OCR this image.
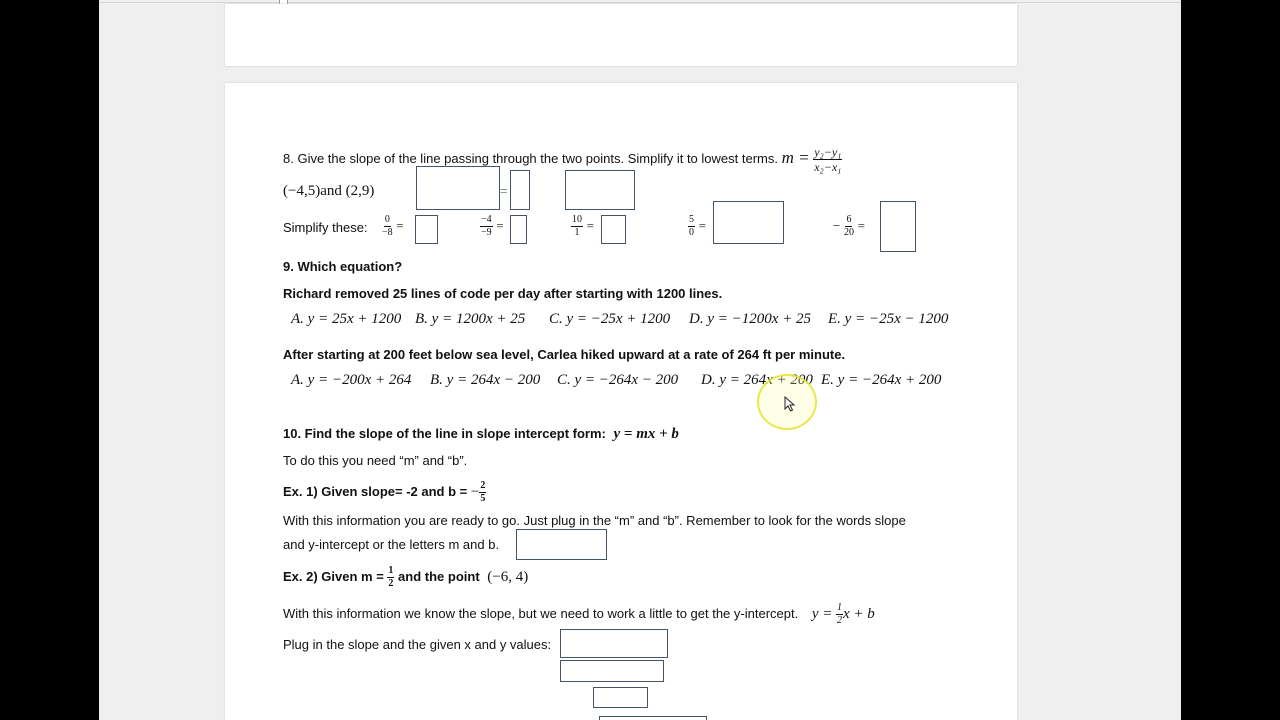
8. Give the slope of the line passing through the two points. Simplify it to lowest terms. $m = \frac{\text{y₂−y₁}}{\text{x₂−x₁}}$
(−4,5)and (2,9)	=
Simplify these: $\frac{0}{-8}$ =	$\frac{-4}{-9}$ =	$\frac{10}{1}$ =	$\frac{5}{0}$ =	− $\frac{6}{20}$ =
9. Which equation?
Richard removed 25 lines of code per day after starting with 1200 lines.
A. y = 25x + 1200 B. y = 1200x + 25 C. y = −25x + 1200 D. y = −1200x + 25 E. y = −25x − 1200
After starting at 200 feet below sea level, Carlea hiked upward at a rate of 264 ft per minute.
A. y = −200x + 264 B. y = 264x − 200 C. y = −264x − 200 D. y = 264x + 200 E. y = −264x + 200
10. Find the slope of the line in slope intercept form: y = mx + b
To do this you need “m” and “b”.
Ex. 1) Given slope= -2 and b = − $\frac{2}{5}$
With this information you are ready to go. Just plug in the “m” and “b”. Remember to look for the words slope
and y-intercept or the letters m and b.
Ex. 2) Given $m = \frac{1}{2}$ and the point (−6, 4)
With this information we know the slope, but we need to work a little to get the y-intercept. $y = \frac{1}{2}$ x + b
Plug in the slope and the given x and y values:
